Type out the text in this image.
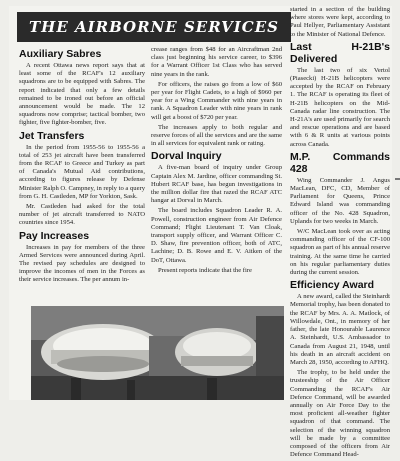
THE AIRBORNE SERVICES
Auxiliary Sabres

A recent Ottawa news report says that at least some of the RCAF's 12 auxiliary squadrons are to be equipped with Sabres. The report indicated that only a few details remained to be ironed out before an official announcement would be made. The 12 squadrons now comprise; tactical bomber, two fighter, five fighter-bomber, five.

Jet Transfers

In the period from 1955-56 to 1955-56 a total of 253 jet aircraft have been transferred from the RCAF to Greece and Turkey as part of Canada's Mutual Aid contributions, according to figures release by Defense Minister Ralph O. Campney, in reply to a query from G. H. Castleden, MP for Yorkton, Sask.

Mr. Castleden had asked for the total number of jet aircraft transferred to NATO countries since 1954.

Pay Increases

Increases in pay for members of the three Armed Services were announced during April. The revised pay schedules are designed to improve the incomes of men in the Forces as their service increases. The per annum in-

crease ranges from $48 for an Aircraftman 2nd class just beginning his service career, to $396 for a Warrant Officer 1st Class who has served nine years in the rank.

For officers, the raises go from a low of $60 per year for Flight Cadets, to a high of $960 per year for a Wing Commander with nine years in rank. A Squadron Leader with nine years in rank will get a boost of $720 per year.

The increases apply to both regular and reserve forces of all the services and are the same in all services for equivalent rank or rating.

Dorval Inquiry

A five-man board of inquiry under Group Captain Alex M. Jardine, officer commanding St. Hubert RCAF base, has begun investigations in the million dollar fire that razed the RCAF ATC hangar at Dorval in March.

The board includes Squadron Leader R. A. Powell, construction engineer from Air Defence Command; Flight Lieutenant T. Van Cloak, transport supply officer, and Warrant Officer C. D. Shaw, fire prevention officer, both of ATC, Lachine; D. B. Rowe and E. V. Aitken of the DoT, Ottawa.

Present reports indicate that the fire

started in a section of the building where stores were kept, according to Paul Hellyer, Parliamentary Assistant to the Minister of National Defence.

Last H-21B's Delivered

The last two of six Vertol (Piasecki) H-21B helicopters were accepted by the RCAF on February 1. The RCAF is operating its fleet of H-21B helicopters on the Mid-Canada radar line construction. The H-21A's are used primarily for search and rescue operations and are based with 6 & R units at various points across Canada.

M.P. Commands 428

Wing Commander J. Angus MacLean, DFC, CD, Member of Parliament for Queens, Prince Edward Island was commanding officer of the No. 428 Squadron, Uplands for two weeks in March.

W/C MacLean took over as acting commanding officer of the CF-100 squadron as part of his annual reserve training. At the same time he carried on his regular parliamentary duties during the current session.

Efficiency Award

A new award, called the Steinhardt Memorial trophy, has been donated to the RCAF by Mrs. A. A. Matlock, of Willowdale, Ont., in memory of her father, the late Honourable Laurence A. Steinhardt, U.S. Ambassador to Canada from August 21, 1948, until his death in an aircraft accident on March 28, 1950, according to AFHQ.

The trophy, to be held under the trusteeship of the Air Officer Commanding the RCAF's Air Defence Command, will be awarded annually on Air Force Day to the most proficient all-weather fighter squadron of that command. The selection of the winning squadron will be made by a committee composed of the officers from Air Defence Command Head-
